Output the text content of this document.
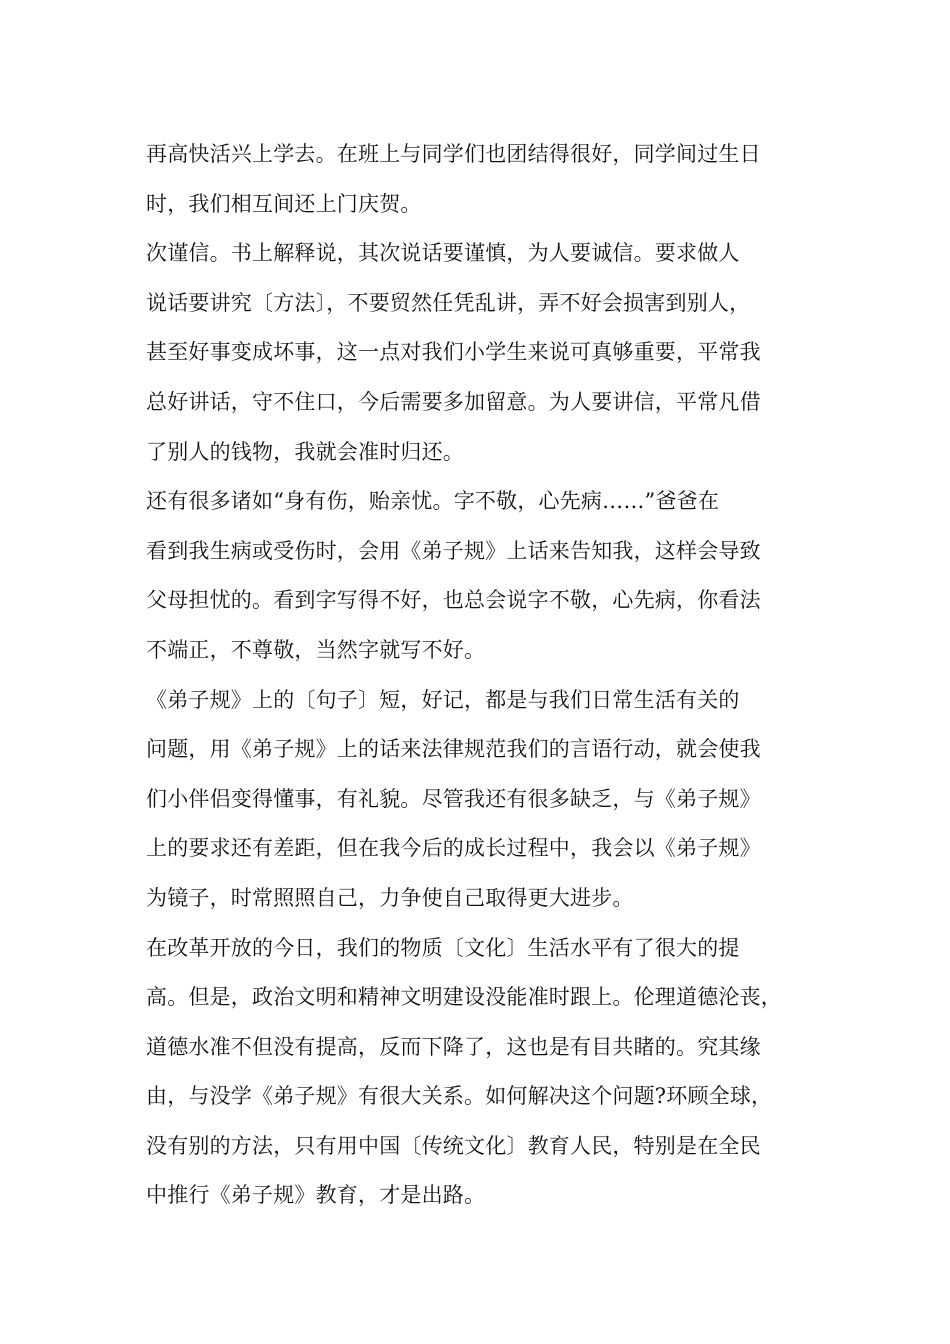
再高快活兴上学去。在班上与同学们也团结得很好，同学间过生日
时，我们相互间还上门庆贺。
次谨信。书上解释说，其次说话要谨慎，为人要诚信。要求做人
说话要讲究〔方法〕，不要贸然任凭乱讲，弄不好会损害到别人，
甚至好事变成坏事，这一点对我们小学生来说可真够重要，平常我
总好讲话，守不住口，今后需要多加留意。为人要讲信，平常凡借
了别人的钱物，我就会准时归还。
还有很多诸如“身有伤，贻亲忧。字不敬，心先病……”爸爸在
看到我生病或受伤时，会用《弟子规》上话来告知我，这样会导致
父母担忧的。看到字写得不好，也总会说字不敬，心先病，你看法
不端正，不尊敬，当然字就写不好。
《弟子规》上的〔句子〕短，好记，都是与我们日常生活有关的
问题，用《弟子规》上的话来法律规范我们的言语行动，就会使我
们小伴侣变得懂事，有礼貌。尽管我还有很多缺乏，与《弟子规》
上的要求还有差距，但在我今后的成长过程中，我会以《弟子规》
为镜子，时常照照自己，力争使自己取得更大进步。
在改革开放的今日，我们的物质〔文化〕生活水平有了很大的提
高。但是，政治文明和精神文明建设没能准时跟上。伦理道德沦丧，
道德水准不但没有提高，反而下降了，这也是有目共睹的。究其缘
由，与没学《弟子规》有很大关系。如何解决这个问题?环顾全球，
没有别的方法，只有用中国〔传统文化〕教育人民，特别是在全民
中推行《弟子规》教育，才是出路。
